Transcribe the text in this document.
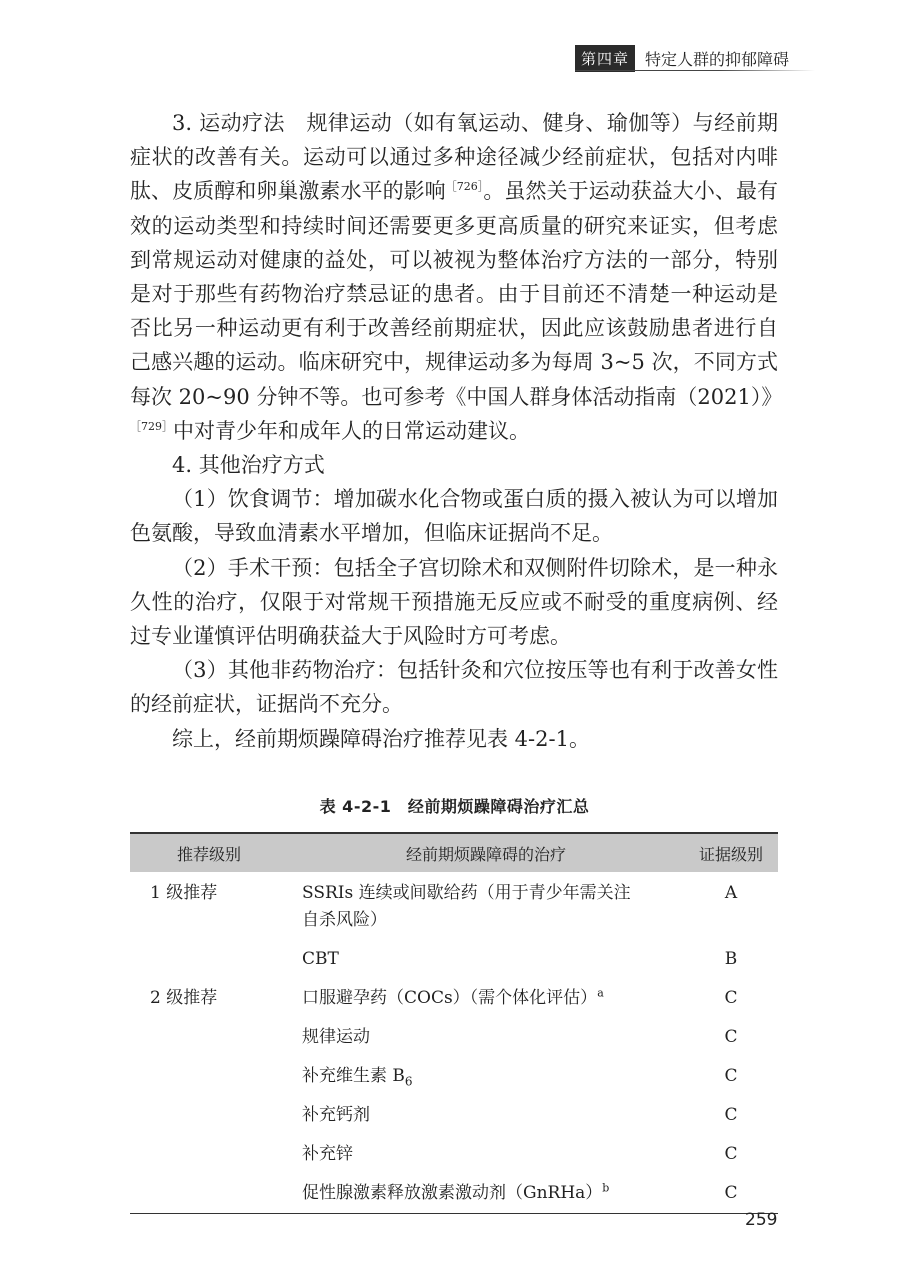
第四章	特定人群的抑郁障碍

3. 运动疗法　规律运动（如有氧运动、健身、瑜伽等）与经前期症状的改善有关。运动可以通过多种途径减少经前症状，包括对内啡肽、皮质醇和卵巢激素水平的影响$^{[726]}$。虽然关于运动获益大小、最有效的运动类型和持续时间还需要更多更高质量的研究来证实，但考虑到常规运动对健康的益处，可以被视为整体治疗方法的一部分，特别是对于那些有药物治疗禁忌证的患者。由于目前还不清楚一种运动是否比另一种运动更有利于改善经前期症状，因此应该鼓励患者进行自己感兴趣的运动。临床研究中，规律运动多为每周 3~5 次，不同方式每次 20~90 分钟不等。也可参考《中国人群身体活动指南（2021）》$^{[729]}$中对青少年和成年人的日常运动建议。

4. 其他治疗方式

（1）饮食调节：增加碳水化合物或蛋白质的摄入被认为可以增加色氨酸，导致血清素水平增加，但临床证据尚不足。

（2）手术干预：包括全子宫切除术和双侧附件切除术，是一种永久性的治疗，仅限于对常规干预措施无反应或不耐受的重度病例、经过专业谨慎评估明确获益大于风险时方可考虑。

（3）其他非药物治疗：包括针灸和穴位按压等也有利于改善女性的经前症状，证据尚不充分。

综上，经前期烦躁障碍治疗推荐见表 4-2-1。

表 4-2-1　经前期烦躁障碍治疗汇总
推荐级别	经前期烦躁障碍的治疗	证据级别
1 级推荐	SSRIs 连续或间歇给药（用于青少年需关注自杀风险）	A
	CBT	B
2 级推荐	口服避孕药（COCs）（需个体化评估）$^a$	C
	规律运动	C
	补充维生素 $B_6$	C
	补充钙剂	C
	补充锌	C
	促性腺激素释放激素激动剂（GnRHa）$^b$	C
259
